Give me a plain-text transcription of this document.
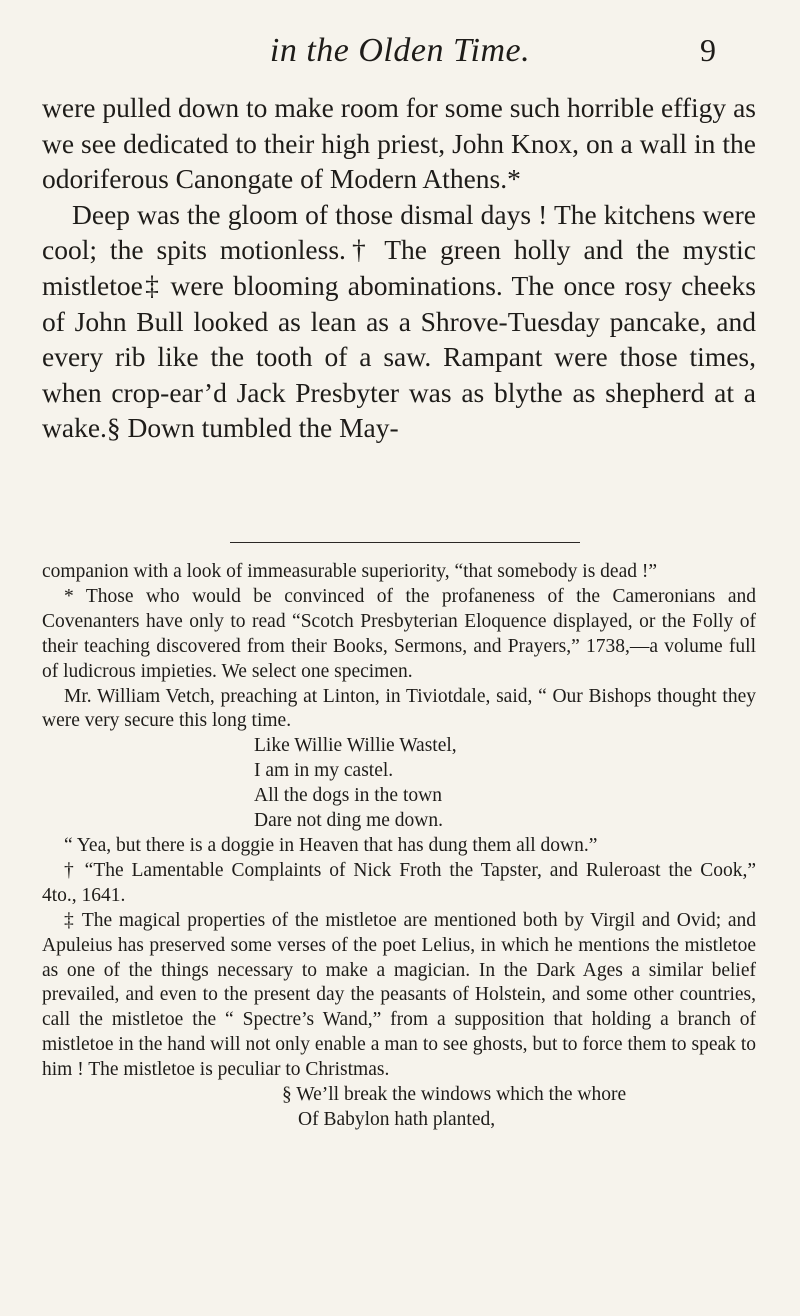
in the Olden Time.	9

were pulled down to make room for some such horrible effigy as we see dedicated to their high priest, John Knox, on a wall in the odoriferous Canongate of Modern Athens.*

Deep was the gloom of those dismal days ! The kitchens were cool; the spits motionless.† The green holly and the mystic mistletoe‡ were blooming abominations. The once rosy cheeks of John Bull looked as lean as a Shrove-Tuesday pancake, and every rib like the tooth of a saw. Rampant were those times, when crop-ear’d Jack Presbyter was as blythe as shepherd at a wake.§ Down tumbled the May-

companion with a look of immeasurable superiority, “that somebody is dead !”

* Those who would be convinced of the profaneness of the Cameronians and Covenanters have only to read “Scotch Presbyterian Eloquence displayed, or the Folly of their teaching discovered from their Books, Sermons, and Prayers,” 1738,—a volume full of ludicrous impieties. We select one specimen.

Mr. William Vetch, preaching at Linton, in Tiviotdale, said, “ Our Bishops thought they were very secure this long time.

Like Willie Willie Wastel,

I am in my castel.

All the dogs in the town

Dare not ding me down.

“ Yea, but there is a doggie in Heaven that has dung them all down.”

† “The Lamentable Complaints of Nick Froth the Tapster, and Ruleroast the Cook,” 4to., 1641.

‡ The magical properties of the mistletoe are mentioned both by Virgil and Ovid; and Apuleius has preserved some verses of the poet Lelius, in which he mentions the mistletoe as one of the things necessary to make a magician. In the Dark Ages a similar belief prevailed, and even to the present day the peasants of Holstein, and some other countries, call the mistletoe the “ Spectre’s Wand,” from a supposition that holding a branch of mistletoe in the hand will not only enable a man to see ghosts, but to force them to speak to him ! The mistletoe is peculiar to Christmas.

§ We’ll break the windows which the whore

Of Babylon hath planted,
